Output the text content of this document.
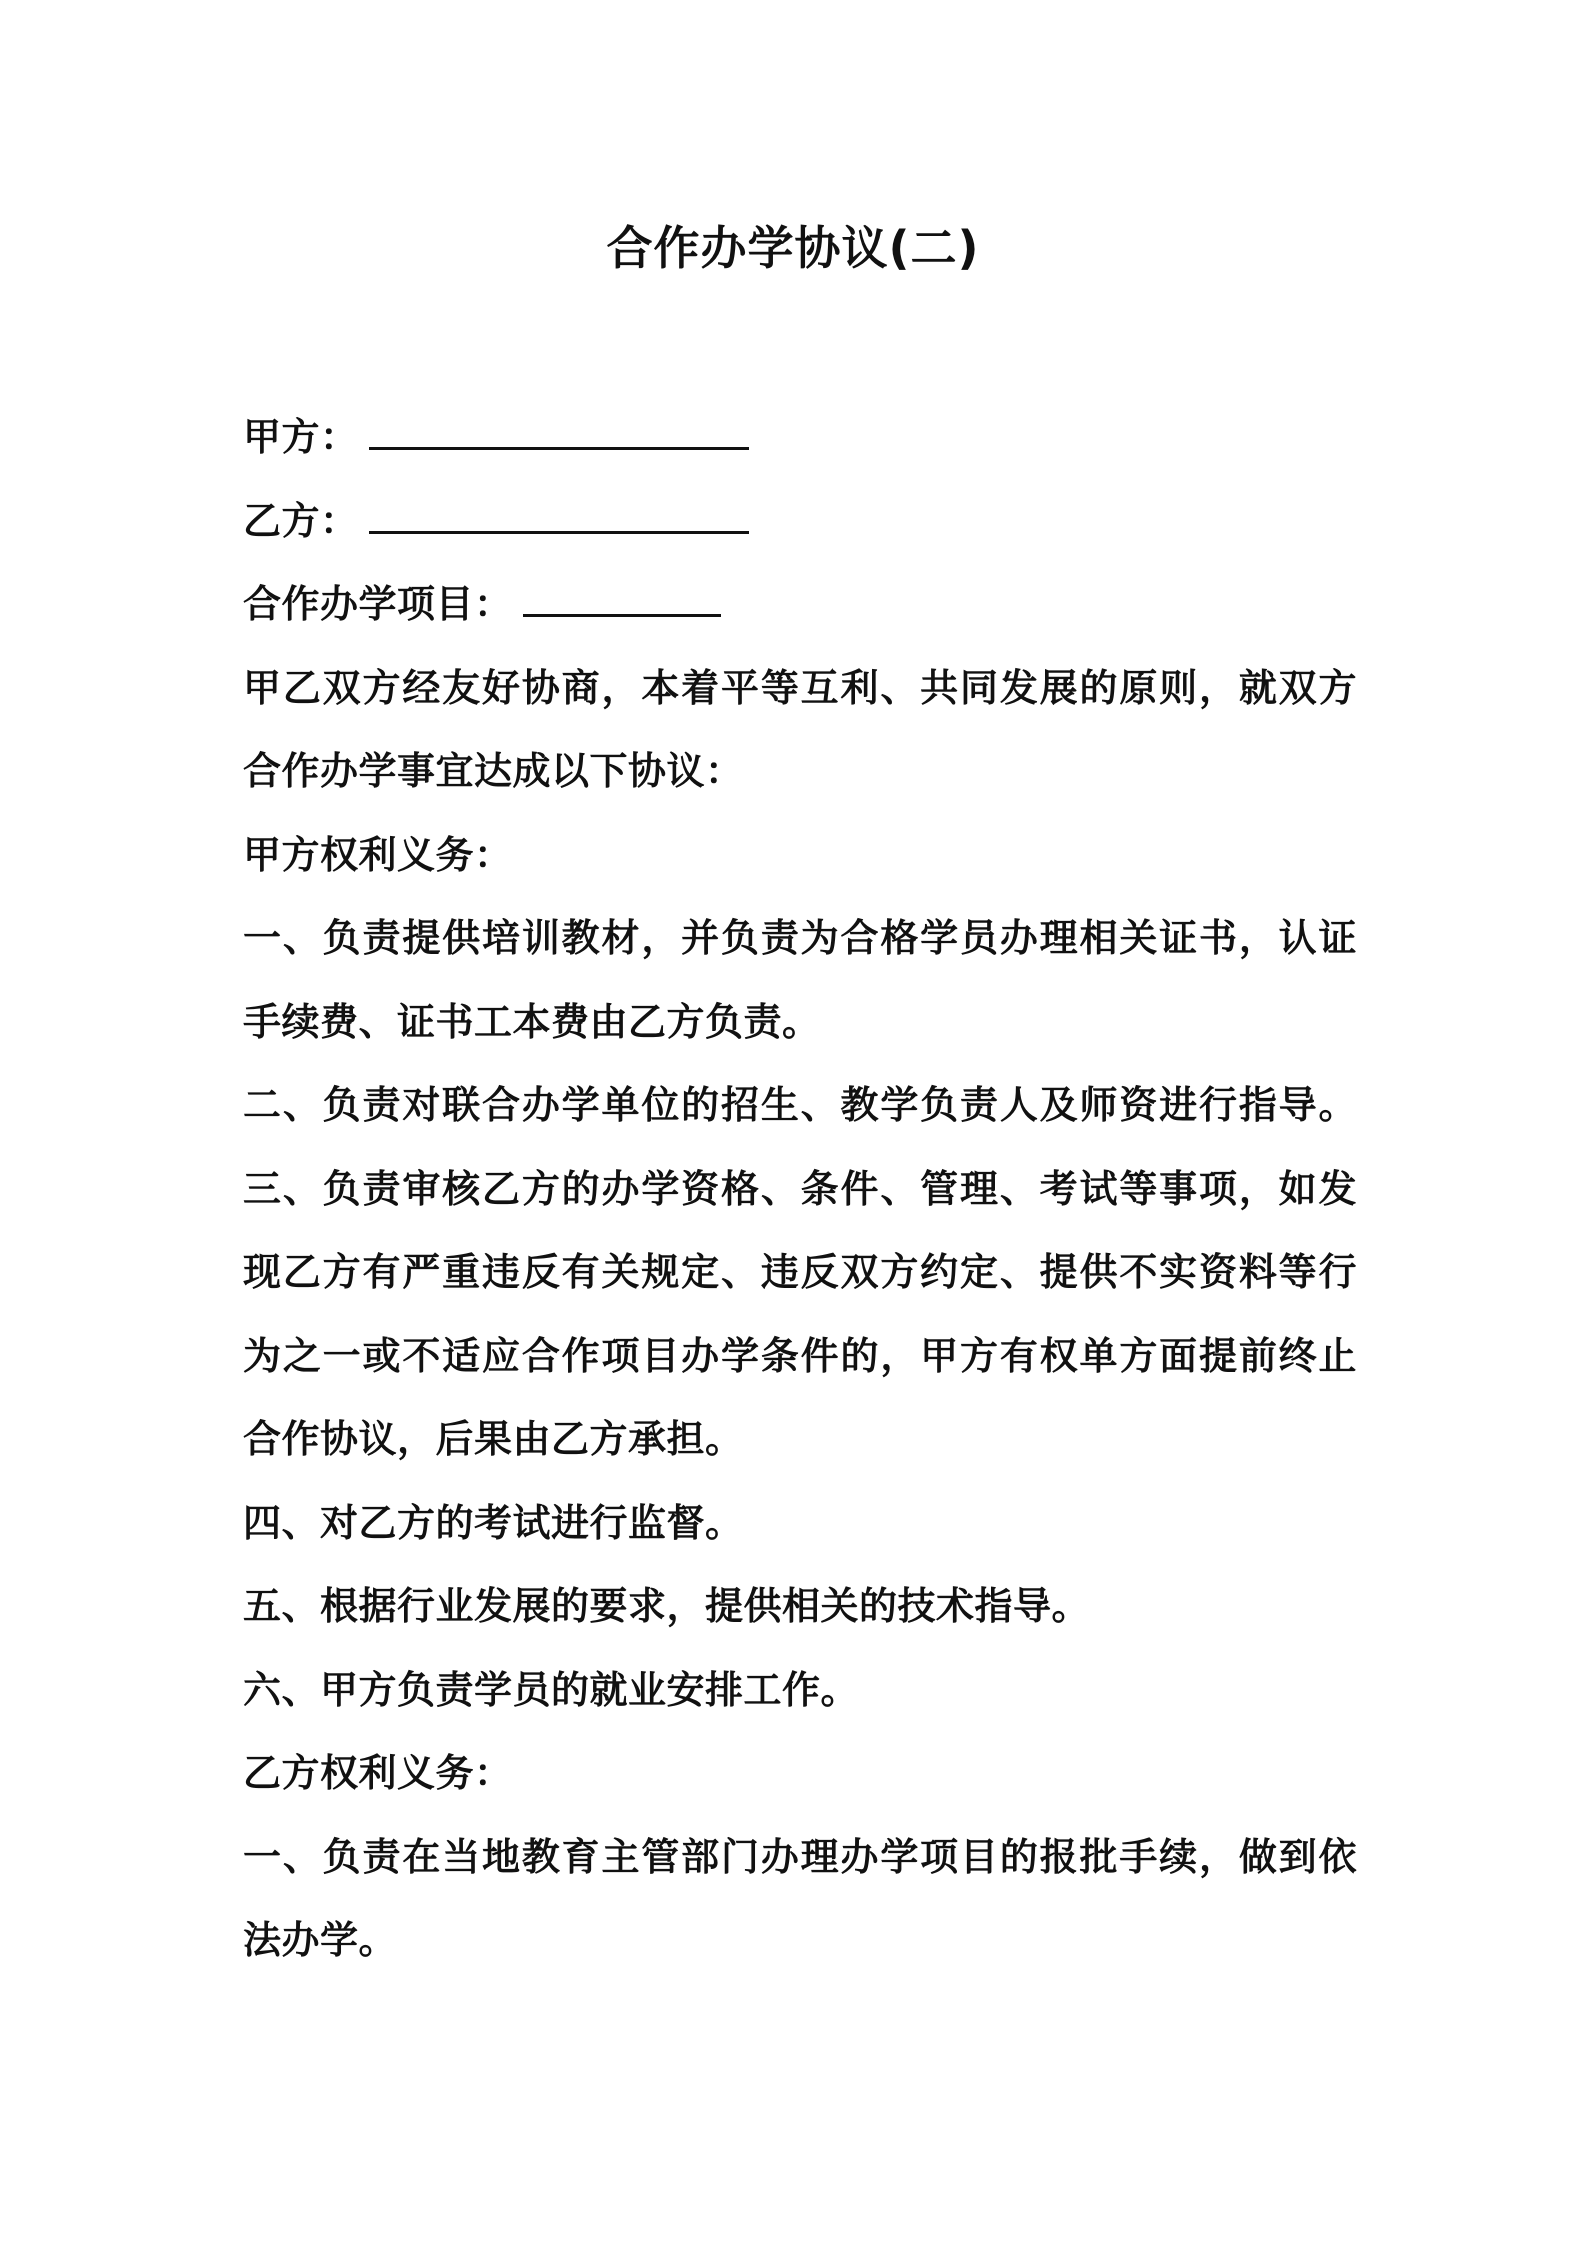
合作办学协议(二)
甲方：
乙方：
合作办学项目：
甲乙双方经友好协商，本着平等互利、共同发展的原则，就双方
合作办学事宜达成以下协议：
甲方权利义务：
一、负责提供培训教材，并负责为合格学员办理相关证书，认证
手续费、证书工本费由乙方负责。
二、负责对联合办学单位的招生、教学负责人及师资进行指导。
三、负责审核乙方的办学资格、条件、管理、考试等事项，如发
现乙方有严重违反有关规定、违反双方约定、提供不实资料等行
为之一或不适应合作项目办学条件的，甲方有权单方面提前终止
合作协议，后果由乙方承担。
四、对乙方的考试进行监督。
五、根据行业发展的要求，提供相关的技术指导。
六、甲方负责学员的就业安排工作。
乙方权利义务：
一、负责在当地教育主管部门办理办学项目的报批手续，做到依
法办学。
